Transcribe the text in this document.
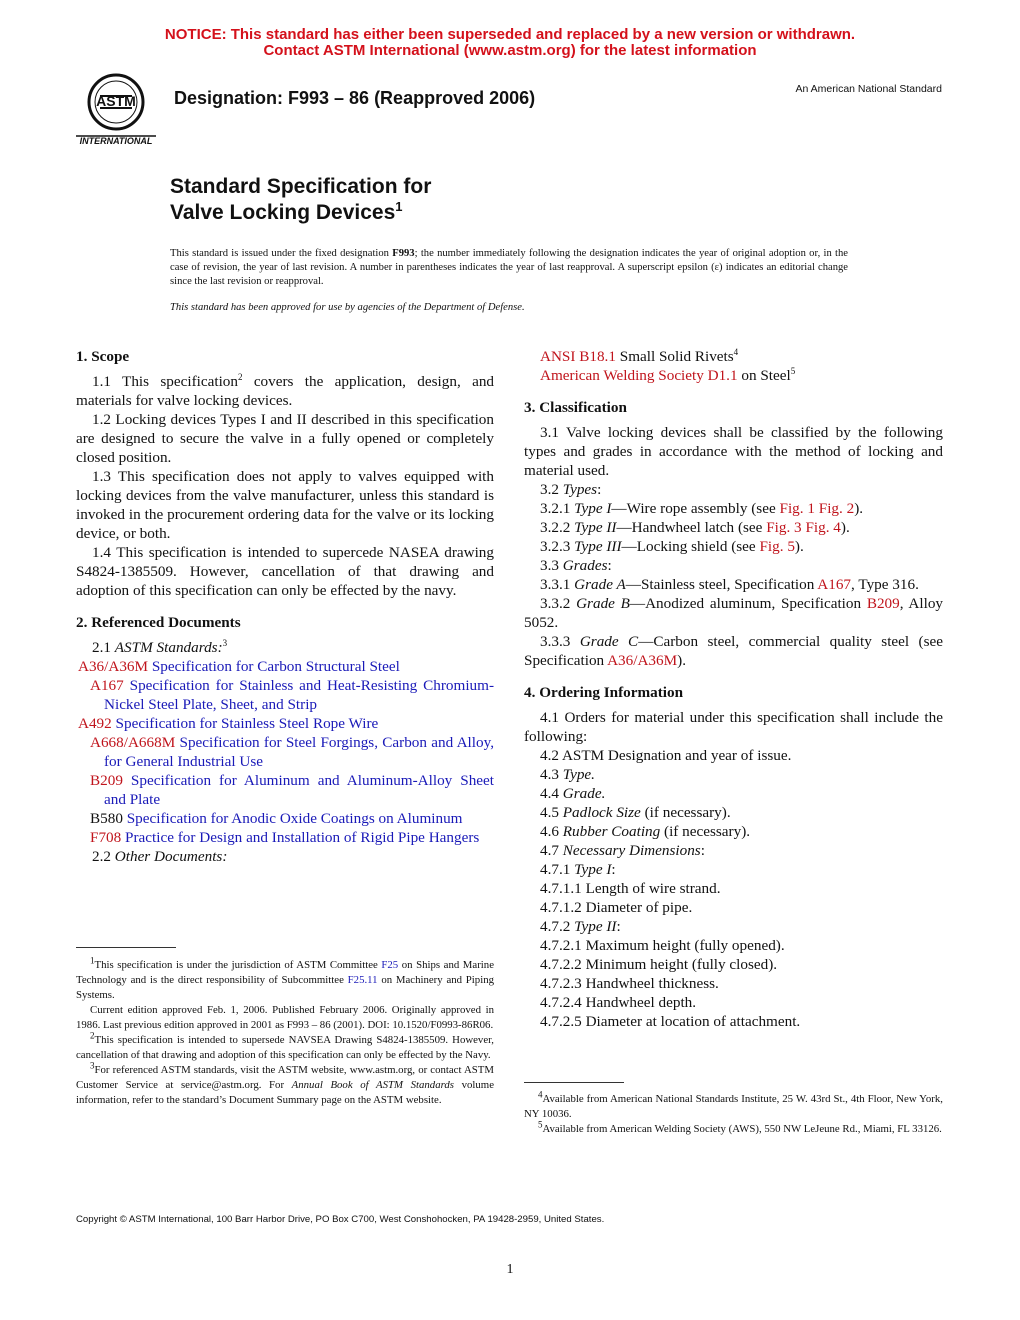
NOTICE: This standard has either been superseded and replaced by a new version or withdrawn.
Contact ASTM International (www.astm.org) for the latest information
ASTM
INTERNATIONAL
Designation: F993 – 86 (Reapproved 2006)	An American National Standard
Standard Specification for
Valve Locking Devices$^1$
This standard is issued under the fixed designation F993; the number immediately following the designation indicates the year of original adoption or, in the case of revision, the year of last revision. A number in parentheses indicates the year of last reapproval. A superscript epsilon (ε) indicates an editorial change since the last revision or reapproval.
This standard has been approved for use by agencies of the Department of Defense.

1. Scope

1.1 This specification$^2$ covers the application, design, and materials for valve locking devices.

1.2 Locking devices Types I and II described in this specification are designed to secure the valve in a fully opened or completely closed position.

1.3 This specification does not apply to valves equipped with locking devices from the valve manufacturer, unless this standard is invoked in the procurement ordering data for the valve or its locking device, or both.

1.4 This specification is intended to supercede NASEA drawing S4824-1385509. However, cancellation of that drawing and adoption of this specification can only be effected by the navy.

2. Referenced Documents

2.1 ASTM Standards:$^3$

A36/A36M Specification for Carbon Structural Steel

A167 Specification for Stainless and Heat-Resisting Chromium-Nickel Steel Plate, Sheet, and Strip

A492 Specification for Stainless Steel Rope Wire

A668/A668M Specification for Steel Forgings, Carbon and Alloy, for General Industrial Use

B209 Specification for Aluminum and Aluminum-Alloy Sheet and Plate

B580 Specification for Anodic Oxide Coatings on Aluminum

F708 Practice for Design and Installation of Rigid Pipe Hangers

2.2 Other Documents:

ANSI B18.1 Small Solid Rivets$^4$

American Welding Society D1.1 on Steel$^5$

3. Classification

3.1 Valve locking devices shall be classified by the following types and grades in accordance with the method of locking and material used.

3.2 Types:

3.2.1 Type I—Wire rope assembly (see Fig. 1 Fig. 2).

3.2.2 Type II—Handwheel latch (see Fig. 3 Fig. 4).

3.2.3 Type III—Locking shield (see Fig. 5).

3.3 Grades:

3.3.1 Grade A—Stainless steel, Specification A167, Type 316.

3.3.2 Grade B—Anodized aluminum, Specification B209, Alloy 5052.

3.3.3 Grade C—Carbon steel, commercial quality steel (see Specification A36/A36M).

4. Ordering Information

4.1 Orders for material under this specification shall include the following:

4.2 ASTM Designation and year of issue.

4.3 Type.

4.4 Grade.

4.5 Padlock Size (if necessary).

4.6 Rubber Coating (if necessary).

4.7 Necessary Dimensions:

4.7.1 Type I:

4.7.1.1 Length of wire strand.

4.7.1.2 Diameter of pipe.

4.7.2 Type II:

4.7.2.1 Maximum height (fully opened).

4.7.2.2 Minimum height (fully closed).

4.7.2.3 Handwheel thickness.

4.7.2.4 Handwheel depth.

4.7.2.5 Diameter at location of attachment.

$^1$This specification is under the jurisdiction of ASTM Committee F25 on Ships and Marine Technology and is the direct responsibility of Subcommittee F25.11 on Machinery and Piping Systems.

Current edition approved Feb. 1, 2006. Published February 2006. Originally approved in 1986. Last previous edition approved in 2001 as F993 – 86 (2001). DOI: 10.1520/F0993-86R06.

$^2$This specification is intended to supersede NAVSEA Drawing S4824-1385509. However, cancellation of that drawing and adoption of this specification can only be effected by the Navy.

$^3$For referenced ASTM standards, visit the ASTM website, www.astm.org, or contact ASTM Customer Service at service@astm.org. For Annual Book of ASTM Standards volume information, refer to the standard’s Document Summary page on the ASTM website.	$^4$Available from American National Standards Institute, 25 W. 43rd St., 4th Floor, New York, NY 10036.

$^5$Available from American Welding Society (AWS), 550 NW LeJeune Rd., Miami, FL 33126.

Copyright © ASTM International, 100 Barr Harbor Drive, PO Box C700, West Conshohocken, PA 19428-2959, United States.
1
